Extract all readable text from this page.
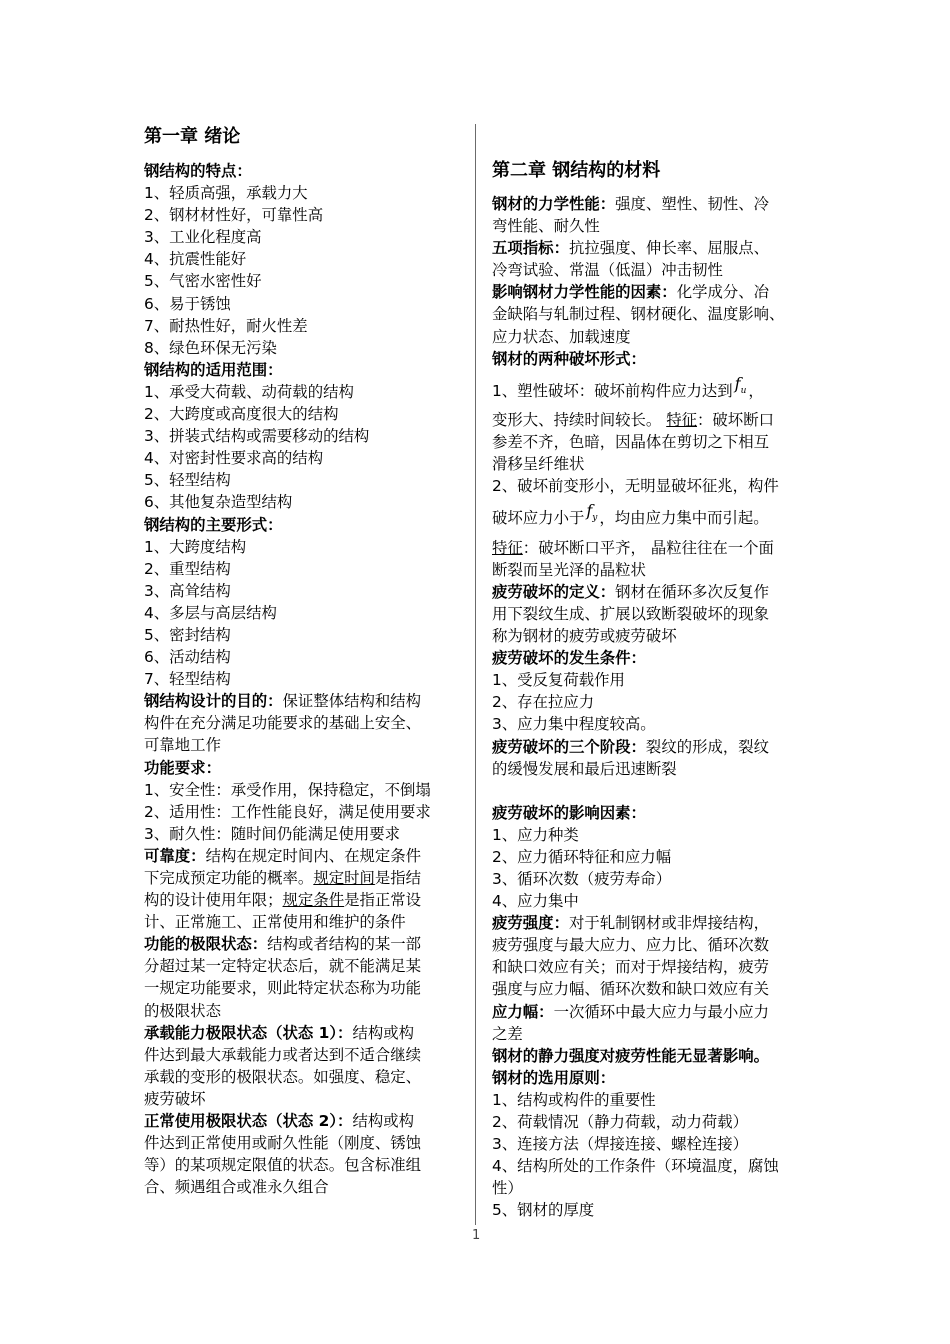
第一章 绪论
钢结构的特点：
1、轻质高强，承载力大
2、钢材材性好，可靠性高
3、工业化程度高
4、抗震性能好
5、气密水密性好
6、易于锈蚀
7、耐热性好，耐火性差
8、绿色环保无污染
钢结构的适用范围：
1、承受大荷载、动荷载的结构
2、大跨度或高度很大的结构
3、拼装式结构或需要移动的结构
4、对密封性要求高的结构
5、轻型结构
6、其他复杂造型结构
钢结构的主要形式：
1、大跨度结构
2、重型结构
3、高耸结构
4、多层与高层结构
5、密封结构
6、活动结构
7、轻型结构
钢结构设计的目的：保证整体结构和结构
构件在充分满足功能要求的基础上安全、
可靠地工作
功能要求：
1、安全性：承受作用，保持稳定，不倒塌
2、适用性：工作性能良好，满足使用要求
3、耐久性：随时间仍能满足使用要求
可靠度：结构在规定时间内、在规定条件
下完成预定功能的概率。规定时间是指结
构的设计使用年限；规定条件是指正常设
计、正常施工、正常使用和维护的条件
功能的极限状态：结构或者结构的某一部
分超过某一定特定状态后，就不能满足某
一规定功能要求，则此特定状态称为功能
的极限状态
承载能力极限状态（状态 1）：结构或构
件达到最大承载能力或者达到不适合继续
承载的变形的极限状态。如强度、稳定、
疲劳破坏
正常使用极限状态（状态 2）：结构或构
件达到正常使用或耐久性能（刚度、锈蚀
等）的某项规定限值的状态。包含标准组
合、频遇组合或准永久组合
第二章 钢结构的材料
钢材的力学性能：强度、塑性、韧性、冷
弯性能、耐久性
五项指标：抗拉强度、伸长率、屈服点、
冷弯试验、常温（低温）冲击韧性
影响钢材力学性能的因素：化学成分、冶
金缺陷与轧制过程、钢材硬化、温度影响、
应力状态、加载速度
钢材的两种破坏形式：
1、塑性破坏：破坏前构件应力达到 $f_u$ ，
变形大、持续时间较长。 特征：破坏断口
参差不齐，色暗，因晶体在剪切之下相互
滑移呈纤维状
2、破坏前变形小，无明显破坏征兆，构件
破坏应力小于 $f_y$ ，均由应力集中而引起。
特征：破坏断口平齐， 晶粒往往在一个面
断裂而呈光泽的晶粒状
疲劳破坏的定义：钢材在循环多次反复作
用下裂纹生成、扩展以致断裂破坏的现象
称为钢材的疲劳或疲劳破坏
疲劳破坏的发生条件：
1、受反复荷载作用
2、存在拉应力
3、应力集中程度较高。
疲劳破坏的三个阶段：裂纹的形成，裂纹
的缓慢发展和最后迅速断裂
疲劳破坏的影响因素：
1、应力种类
2、应力循环特征和应力幅
3、循环次数（疲劳寿命）
4、应力集中
疲劳强度：对于轧制钢材或非焊接结构，
疲劳强度与最大应力、应力比、循环次数
和缺口效应有关；而对于焊接结构，疲劳
强度与应力幅、循环次数和缺口效应有关
应力幅：一次循环中最大应力与最小应力
之差
钢材的静力强度对疲劳性能无显著影响。
钢材的选用原则：
1、结构或构件的重要性
2、荷载情况（静力荷载，动力荷载）
3、连接方法（焊接连接、螺栓连接）
4、结构所处的工作条件（环境温度，腐蚀
性）
5、钢材的厚度
1
